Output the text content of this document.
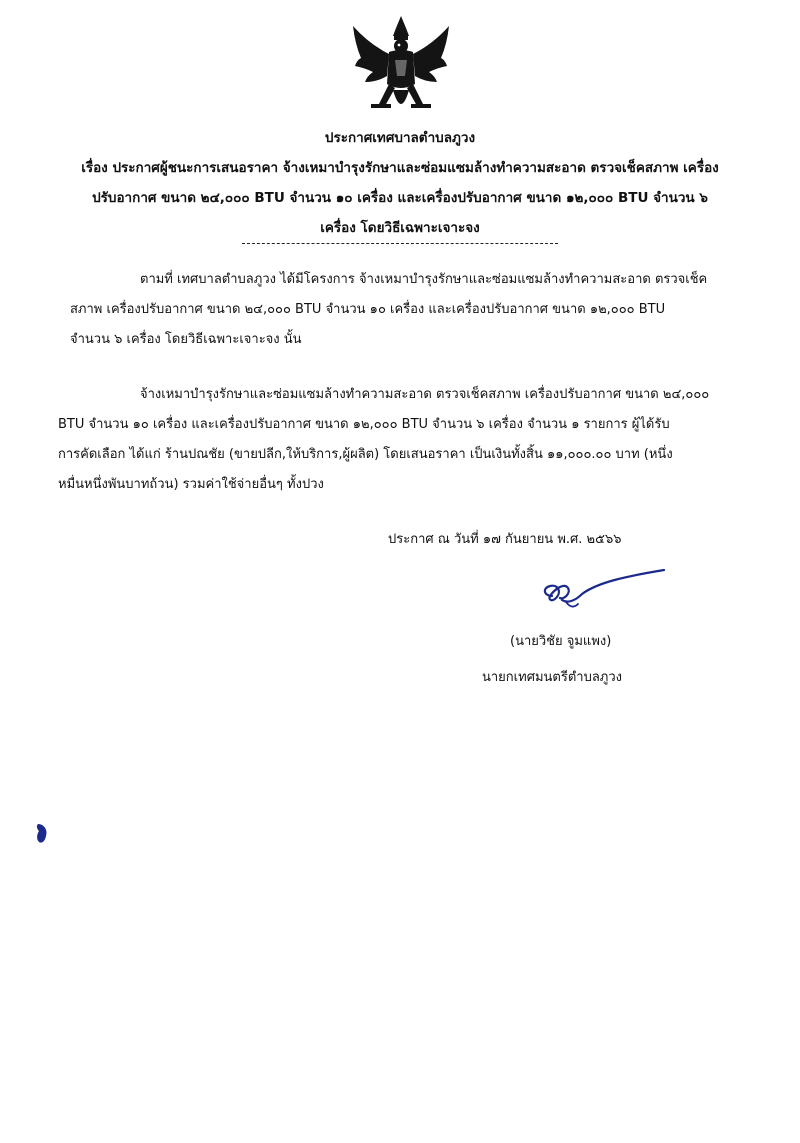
ประกาศเทศบาลตำบลภูวง
เรื่อง ประกาศผู้ชนะการเสนอราคา จ้างเหมาบำรุงรักษาและซ่อมแซมล้างทำความสะอาด ตรวจเช็คสภาพ เครื่อง
ปรับอากาศ ขนาด ๒๔,๐๐๐ BTU จำนวน ๑๐ เครื่อง และเครื่องปรับอากาศ ขนาด ๑๒,๐๐๐ BTU จำนวน ๖
เครื่อง โดยวิธีเฉพาะเจาะจง
ตามที่ เทศบาลตำบลภูวง ได้มีโครงการ จ้างเหมาบำรุงรักษาและซ่อมแซมล้างทำความสะอาด ตรวจเช็ค
สภาพ เครื่องปรับอากาศ ขนาด ๒๔,๐๐๐ BTU จำนวน ๑๐ เครื่อง และเครื่องปรับอากาศ ขนาด ๑๒,๐๐๐ BTU
จำนวน ๖ เครื่อง โดยวิธีเฉพาะเจาะจง นั้น
จ้างเหมาบำรุงรักษาและซ่อมแซมล้างทำความสะอาด ตรวจเช็คสภาพ เครื่องปรับอากาศ ขนาด ๒๔,๐๐๐
BTU จำนวน ๑๐ เครื่อง และเครื่องปรับอากาศ ขนาด ๑๒,๐๐๐ BTU จำนวน ๖ เครื่อง จำนวน ๑ รายการ ผู้ได้รับ
การคัดเลือก ได้แก่ ร้านปณชัย (ขายปลีก,ให้บริการ,ผู้ผลิต) โดยเสนอราคา เป็นเงินทั้งสิ้น ๑๑,๐๐๐.๐๐ บาท (หนึ่ง
หมื่นหนึ่งพันบาทถ้วน) รวมค่าใช้จ่ายอื่นๆ ทั้งปวง
ประกาศ ณ วันที่ ๑๗ กันยายน พ.ศ. ๒๕๖๖
(นายวิชัย จูมแพง)
นายกเทศมนตรีตำบลภูวง
